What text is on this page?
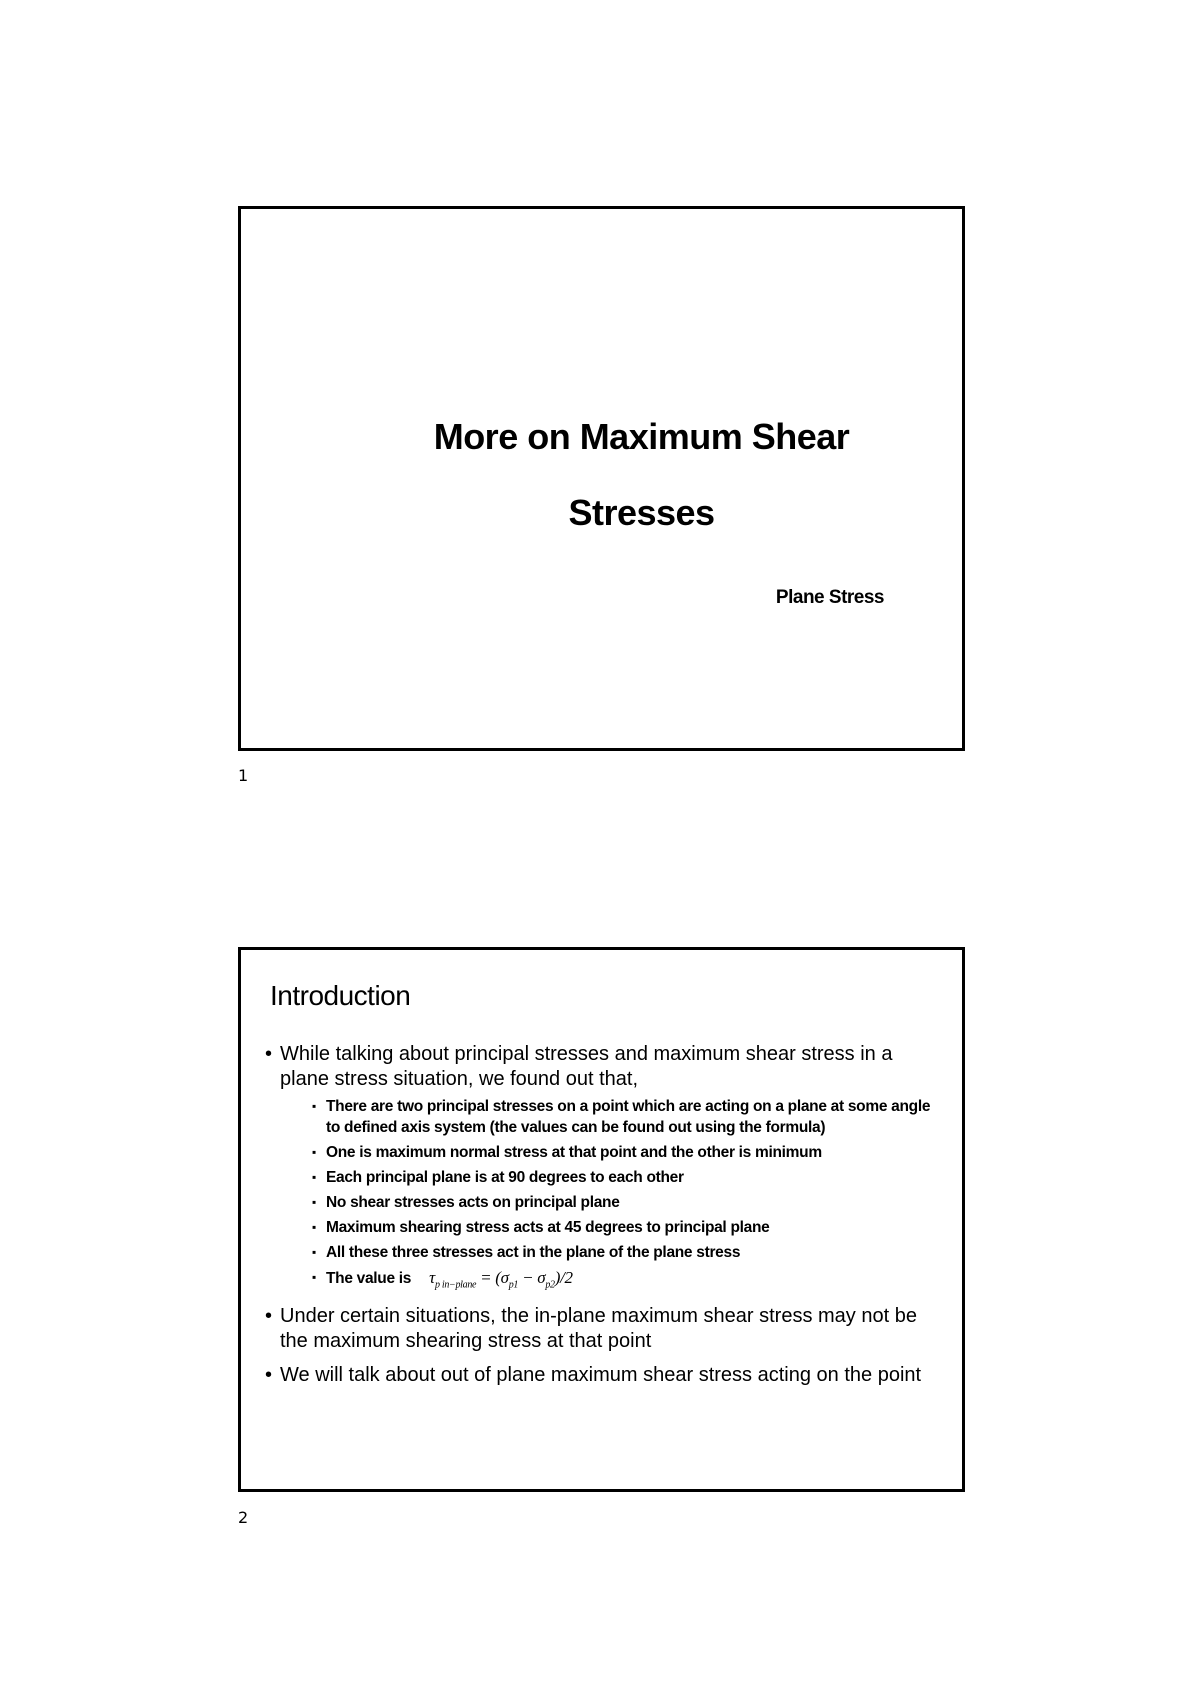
More on Maximum Shear
Stresses
Plane Stress
1
Introduction
• While talking about principal stresses and maximum shear stress in a plane stress situation, we found out that,
▪ There are two principal stresses on a point which are acting on a plane at some angle to defined axis system (the values can be found out using the formula)
▪ One is maximum normal stress at that point and the other is minimum
▪ Each principal plane is at 90 degrees to each other
▪ No shear stresses acts on principal plane
▪ Maximum shearing stress acts at 45 degrees to principal plane
▪ All these three stresses act in the plane of the plane stress
▪ The value is $\tau_{p in-plane} = (\sigma_{p1} - \sigma_{p2})/2$
• Under certain situations, the in-plane maximum shear stress may not be the maximum shearing stress at that point
• We will talk about out of plane maximum shear stress acting on the point
2
